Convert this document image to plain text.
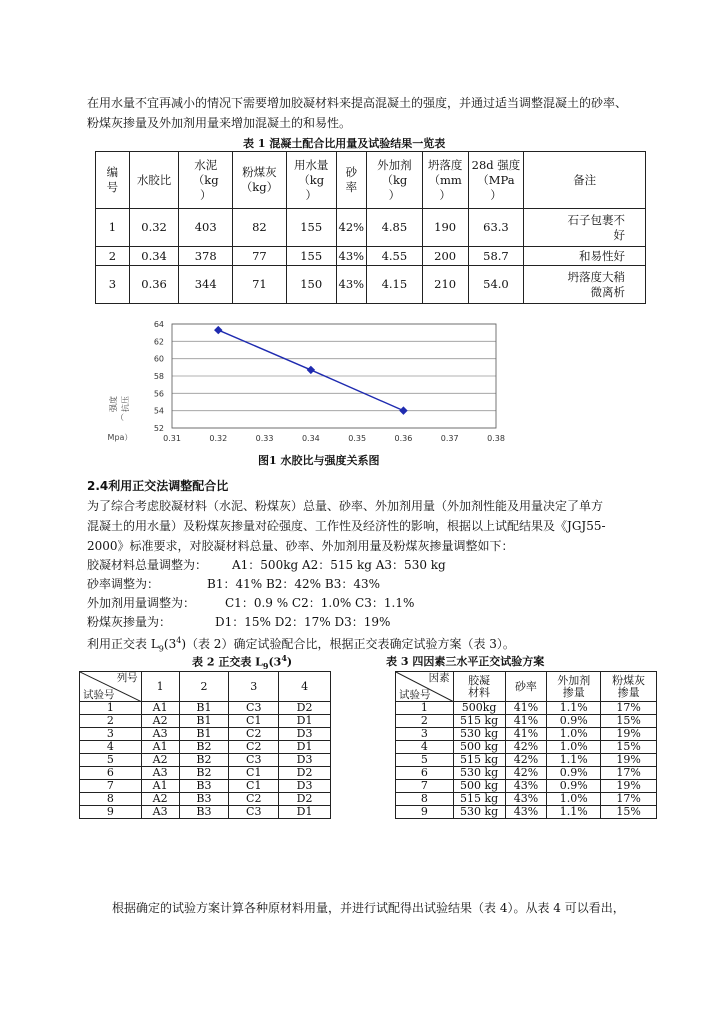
在用水量不宜再减小的情况下需要增加胶凝材料来提高混凝土的强度，并通过适当调整混凝土的砂率、
粉煤灰掺量及外加剂用量来增加混凝土的和易性。
表 1 混凝土配合比用量及试验结果一览表
编
号	水胶比	水泥
（kg
）	粉煤灰
（kg）	用水量
（kg
）	砂
率	外加剂
（kg
）	坍落度
（mm
）	28d 强度
（MPa
）	备注
1	0.32	403	82	155	42%	4.85	190	63.3	石子包裹不
好
2	0.34	378	77	155	43%	4.55	200	58.7	和易性好
3	0.36	344	71	150	43%	4.15	210	54.0	坍落度大稍
微离析
52
54
56
58
60
62
64
0.31	0.32	0.33	0.34	0.35	0.36	0.37	0.38
强度 抗压
（
Mpa）
图1 水胶比与强度关系图
2.4利用正交法调整配合比
为了综合考虑胶凝材料（水泥、粉煤灰）总量、砂率、外加剂用量（外加剂性能及用量决定了单方
混凝土的用水量）及粉煤灰掺量对砼强度、工作性及经济性的影响，根据以上试配结果及《JGJ55-
2000》标准要求，对胶凝材料总量、砂率、外加剂用量及粉煤灰掺量调整如下：
胶凝材料总量调整为： A1：500kg A2：515 kg A3：530 kg
砂率调整为：	B1：41% B2：42% B3：43%
外加剂用量调整为： C1：0.9 % C2：1.0% C3：1.1%
粉煤灰掺量为：	D1：15% D2：17% D3：19%
利用正交表 $L_9(3^4)$（表 2）确定试验配合比，根据正交表确定试验方案（表 3）。
表 2 正交表 $L_9(3^4)$
列号
试验号	1	2	3	4
1	A1	B1	C3	D2
2	A2	B1	C1	D1
3	A3	B1	C2	D3
4	A1	B2	C2	D1
5	A2	B2	C3	D3
6	A3	B2	C1	D2
7	A1	B3	C1	D3
8	A2	B3	C2	D2
9	A3	B3	C3	D1
表 3 四因素三水平正交试验方案
因素
试验号	胶凝
材料	砂率	外加剂
掺量	粉煤灰
掺量
1	500kg	41%	1.1%	17%
2	515 kg	41%	0.9%	15%
3	530 kg	41%	1.0%	19%
4	500 kg	42%	1.0%	15%
5	515 kg	42%	1.1%	19%
6	530 kg	42%	0.9%	17%
7	500 kg	43%	0.9%	19%
8	515 kg	43%	1.0%	17%
9	530 kg	43%	1.1%	15%
根据确定的试验方案计算各种原材料用量，并进行试配得出试验结果（表 4）。从表 4 可以看出，
